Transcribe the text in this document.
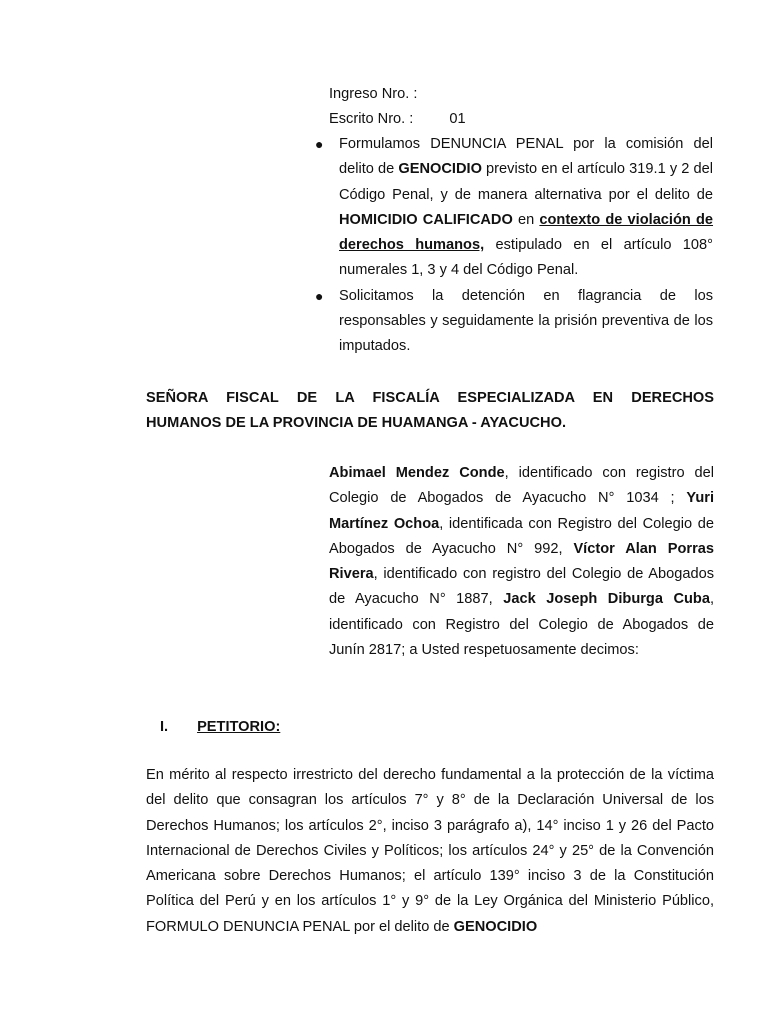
Ingreso Nro. :
Escrito Nro. : 01
● Formulamos DENUNCIA PENAL por la comisión del delito de GENOCIDIO previsto en el artículo 319.1 y 2 del Código Penal, y de manera alternativa por el delito de HOMICIDIO CALIFICADO en contexto de violación de derechos humanos, estipulado en el artículo 108° numerales 1, 3 y 4 del Código Penal.
● Solicitamos la detención en flagrancia de los responsables y seguidamente la prisión preventiva de los imputados.
SEÑORA FISCAL DE LA FISCALÍA ESPECIALIZADA EN DERECHOS
HUMANOS DE LA PROVINCIA DE HUAMANGA - AYACUCHO.
Abimael Mendez Conde, identificado con registro del Colegio de Abogados de Ayacucho N° 1034 ; Yuri Martínez Ochoa, identificada con Registro del Colegio de Abogados de Ayacucho N° 992, Víctor Alan Porras Rivera, identificado con registro del Colegio de Abogados de Ayacucho N° 1887, Jack Joseph Diburga Cuba, identificado con Registro del Colegio de Abogados de Junín 2817; a Usted respetuosamente decimos:
I. PETITORIO:
En mérito al respecto irrestricto del derecho fundamental a la protección de la víctima del delito que consagran los artículos 7° y 8° de la Declaración Universal de los Derechos Humanos; los artículos 2°, inciso 3 parágrafo a), 14° inciso 1 y 26 del Pacto Internacional de Derechos Civiles y Políticos; los artículos 24° y 25° de la Convención Americana sobre Derechos Humanos; el artículo 139° inciso 3 de la Constitución Política del Perú y en los artículos 1° y 9° de la Ley Orgánica del Ministerio Público, FORMULO DENUNCIA PENAL por el delito de GENOCIDIO
